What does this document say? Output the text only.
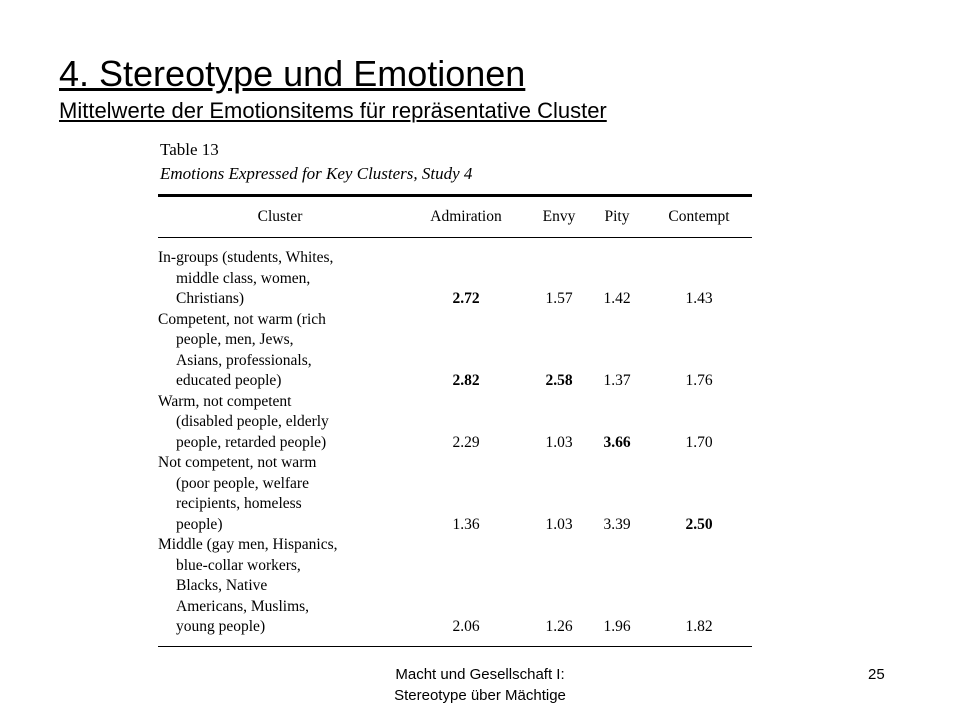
4. Stereotype und Emotionen
Mittelwerte der Emotionsitems für repräsentative Cluster
Table 13
Emotions Expressed for Key Clusters, Study 4
Cluster	Admiration	Envy	Pity	Contempt

In-groups (students, Whites,
middle class, women,
Christians)	2.72	1.57	1.42	1.43

Competent, not warm (rich
people, men, Jews,
Asians, professionals,
educated people)	2.82	2.58	1.37	1.76

Warm, not competent
(disabled people, elderly
people, retarded people)	2.29	1.03	3.66	1.70

Not competent, not warm
(poor people, welfare
recipients, homeless
people)	1.36	1.03	3.39	2.50

Middle (gay men, Hispanics,
blue-collar workers,
Blacks, Native
Americans, Muslims,
young people)	2.06	1.26	1.96	1.82
Macht und Gesellschaft I:
Stereotype über Mächtige
25
